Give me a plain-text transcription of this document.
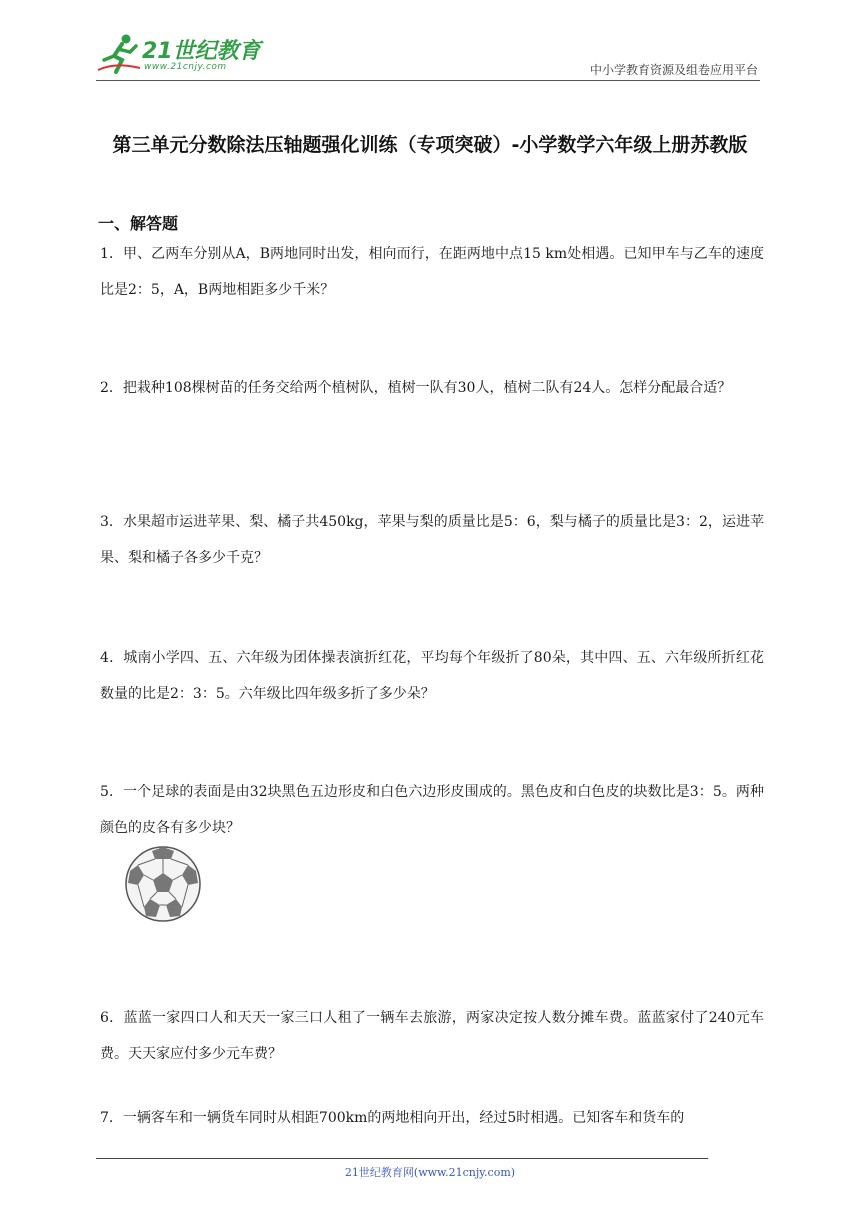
21世纪教育
www.21cnjy.com	中小学教育资源及组卷应用平台
第三单元分数除法压轴题强化训练（专项突破）-小学数学六年级上册苏教版
一、解答题
1．甲、乙两车分别从A，B两地同时出发，相向而行，在距两地中点15 km处相遇。已知甲车与乙车的速度比是2：5，A，B两地相距多少千米？
2．把栽种108棵树苗的任务交给两个植树队，植树一队有30人，植树二队有24人。怎样分配最合适？
3．水果超市运进苹果、梨、橘子共450kg，苹果与梨的质量比是5：6，梨与橘子的质量比是3：2，运进苹果、梨和橘子各多少千克？
4．城南小学四、五、六年级为团体操表演折红花，平均每个年级折了80朵，其中四、五、六年级所折红花数量的比是2：3：5。六年级比四年级多折了多少朵？
5．一个足球的表面是由32块黑色五边形皮和白色六边形皮围成的。黑色皮和白色皮的块数比是3：5。两种颜色的皮各有多少块？
6．蓝蓝一家四口人和天天一家三口人租了一辆车去旅游，两家决定按人数分摊车费。蓝蓝家付了240元车费。天天家应付多少元车费？
7．一辆客车和一辆货车同时从相距700km的两地相向开出，经过5时相遇。已知客车和货车的
21世纪教育网(www.21cnjy.com)
